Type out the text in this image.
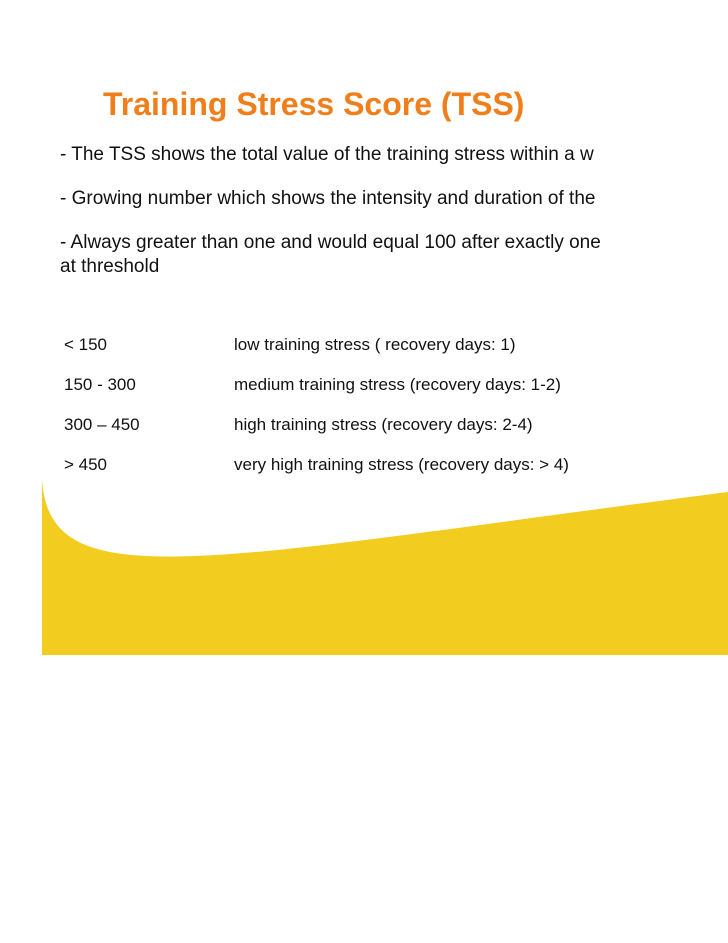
Training Stress Score (TSS)

- The TSS shows the total value of the training stress within a w

- Growing number which shows the intensity and duration of the

- Always greater than one and would equal 100 after exactly one
at threshold

< 150	low training stress ( recovery days: 1)
150 - 300	medium training stress (recovery days: 1-2)
300 – 450	high training stress (recovery days: 2-4)
> 450	very high training stress (recovery days: > 4)
